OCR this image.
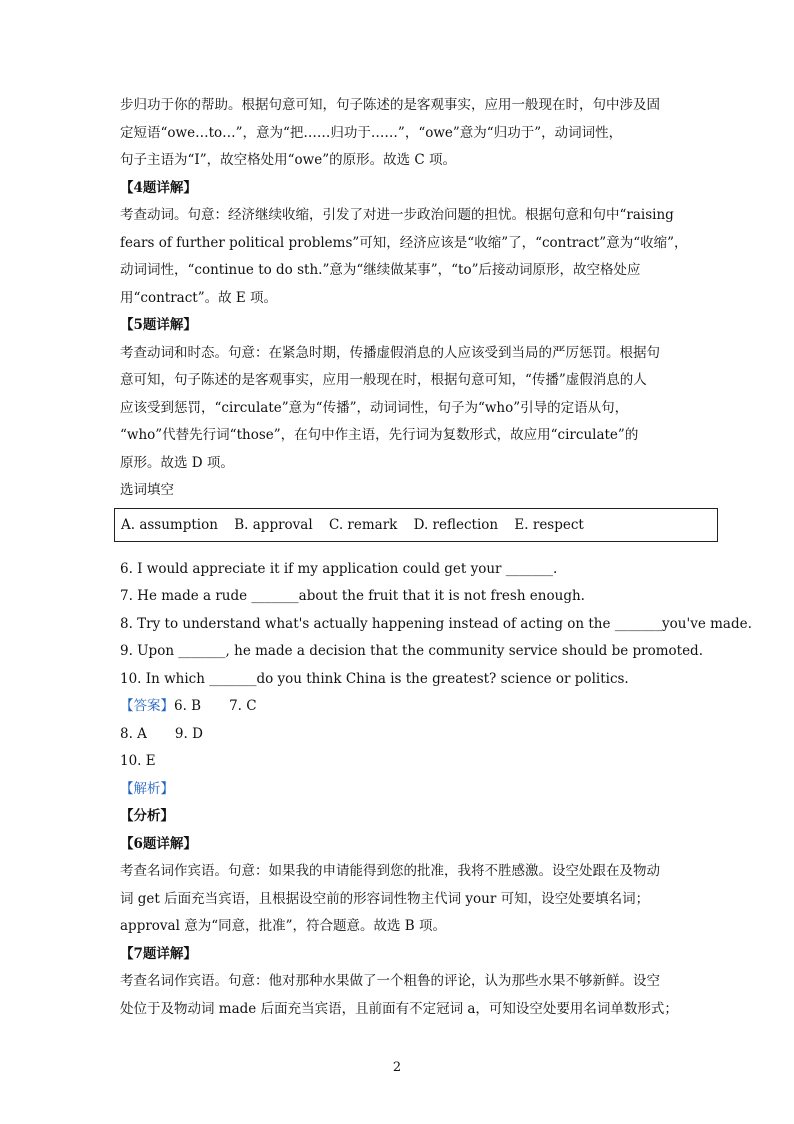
步归功于你的帮助。根据句意可知，句子陈述的是客观事实，应用一般现在时，句中涉及固
定短语“owe…to…”，意为“把……归功于……”，“owe”意为“归功于”，动词词性，
句子主语为“I”，故空格处用“owe”的原形。故选 C 项。
【4题详解】
考查动词。句意：经济继续收缩，引发了对进一步政治问题的担忧。根据句意和句中“raising
fears of further political problems”可知，经济应该是“收缩”了，“contract”意为“收缩”，
动词词性，“continue to do sth.”意为“继续做某事”，“to”后接动词原形，故空格处应
用“contract”。故 E 项。
【5题详解】
考查动词和时态。句意：在紧急时期，传播虚假消息的人应该受到当局的严厉惩罚。根据句
意可知，句子陈述的是客观事实，应用一般现在时，根据句意可知，“传播”虚假消息的人
应该受到惩罚，“circulate”意为“传播”，动词词性，句子为“who”引导的定语从句，
“who”代替先行词“those”，在句中作主语，先行词为复数形式，故应用“circulate”的
原形。故选 D 项。
选词填空
A. assumption B. approval C. remark D. reflection E. respect
6. I would appreciate it if my application could get your _______.
7. He made a rude _______about the fruit that it is not fresh enough.
8. Try to understand what's actually happening instead of acting on the _______you've made.
9. Upon _______, he made a decision that the community service should be promoted.
10. In which _______do you think China is the greatest? science or politics.
【答案】6. B 7. C
8. A 9. D
10. E
【解析】
【分析】
【6题详解】
考查名词作宾语。句意：如果我的申请能得到您的批准，我将不胜感激。设空处跟在及物动
词 get 后面充当宾语，且根据设空前的形容词性物主代词 your 可知，设空处要填名词；
approval 意为“同意，批准”，符合题意。故选 B 项。
【7题详解】
考查名词作宾语。句意：他对那种水果做了一个粗鲁的评论，认为那些水果不够新鲜。设空
处位于及物动词 made 后面充当宾语，且前面有不定冠词 a，可知设空处要用名词单数形式；
2
